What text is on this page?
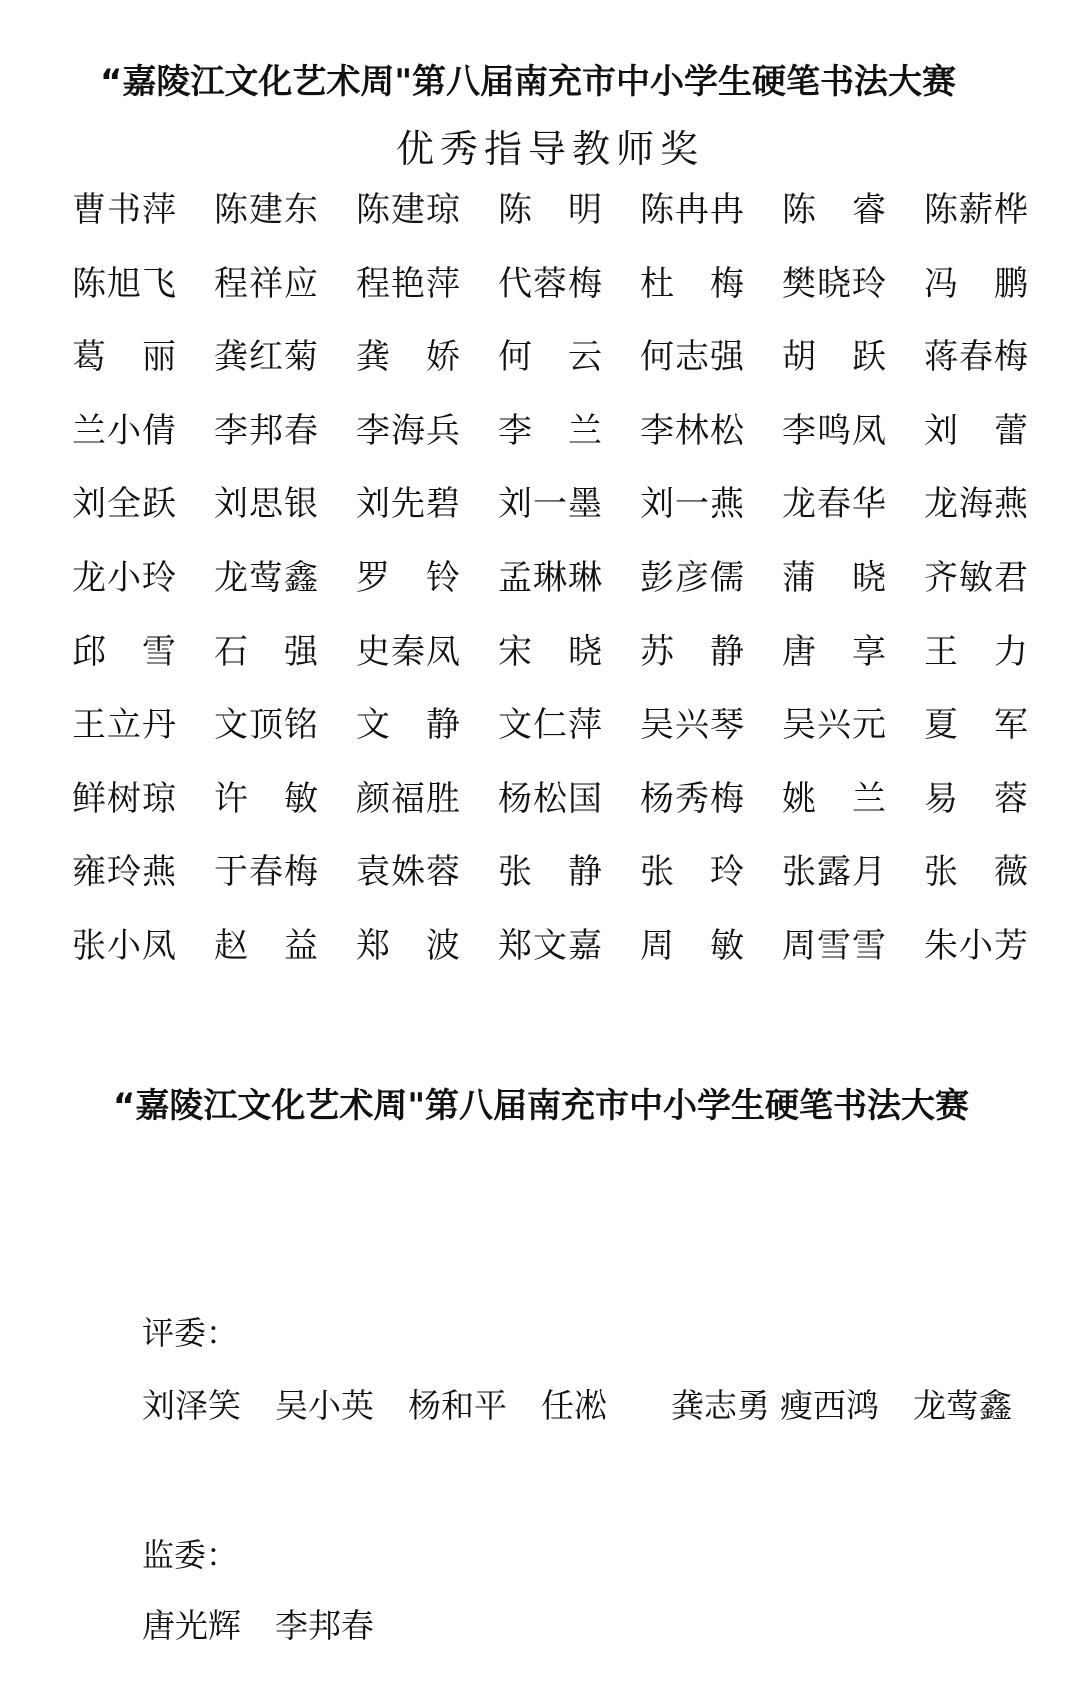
“嘉陵江文化艺术周"第八届南充市中小学生硬笔书法大赛
优秀指导教师奖
曹 书 萍 陈 建 东 陈 建 琼 陈 明 陈 冉 冉 陈 睿 陈 薪 桦
陈 旭 飞 程 祥 应 程 艳 萍 代 蓉 梅 杜 梅 樊 晓 玲 冯 鹏
葛 丽 龚 红 菊 龚 娇 何 云 何 志 强 胡 跃 蒋 春 梅
兰 小 倩 李 邦 春 李 海 兵 李 兰 李 林 松 李 鸣 凤 刘 蕾
刘 全 跃 刘 思 银 刘 先 碧 刘 一 墨 刘 一 燕 龙 春 华 龙 海 燕
龙 小 玲 龙 莺 鑫 罗 铃 孟 琳 琳 彭 彦 儒 蒲 晓 齐 敏 君
邱 雪 石 强 史 秦 凤 宋 晓 苏 静 唐 享 王 力
王 立 丹 文 顶 铭 文 静 文 仁 萍 吴 兴 琴 吴 兴 元 夏 军
鲜 树 琼 许 敏 颜 福 胜 杨 松 国 杨 秀 梅 姚 兰 易 蓉
雍 玲 燕 于 春 梅 袁 姝 蓉 张 静 张 玲 张 露 月 张 薇
张 小 凤 赵 益 郑 波 郑 文 嘉 周 敏 周 雪 雪 朱 小 芳
“嘉陵江文化艺术周"第八届南充市中小学生硬笔书法大赛
评委：
刘泽笑 吴小英 杨和平 任凇 龚志勇 瘦西鸿 龙莺鑫
监委：
唐光辉 李邦春
